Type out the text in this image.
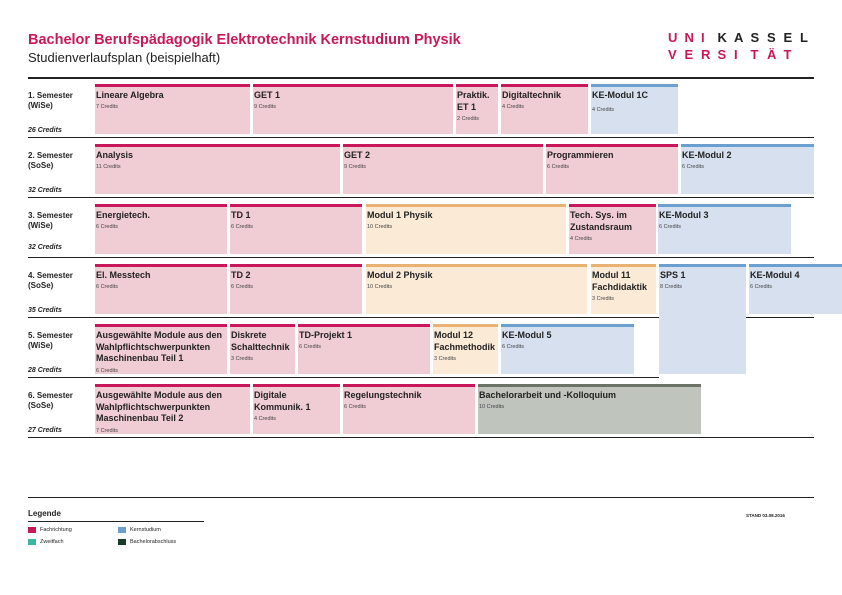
Bachelor Berufspädagogik Elektrotechnik Kernstudium Physik
Studienverlaufsplan (beispielhaft)
U N I K A S S E L
V E R S I T Ä T
1. Semester
(WiSe)
26 Credits
Lineare Algebra
7 Credits
GET 1
9 Credits
Praktik. ET 1
2 Credits
Digitaltechnik
4 Credits
KE-Modul 1C
4 Credits
2. Semester
(SoSe)
32 Credits
Analysis
11 Credits
GET 2
9 Credits
Programmieren
6 Credits
KE-Modul 2
6 Credits
3. Semester
(WiSe)
32 Credits
Energietech.
6 Credits
TD 1
6 Credits
Modul 1 Physik
10 Credits
Tech. Sys. im Zustandsraum
4 Credits
KE-Modul 3
6 Credits
4. Semester
(SoSe)
35 Credits
El. Messtech
6 Credits
TD 2
6 Credits
Modul 2 Physik
10 Credits
Modul 11 Fachdidaktik
3 Credits
SPS 1
8 Credits
KE-Modul 4
6 Credits
5. Semester
(WiSe)
28 Credits
Ausgewählte Module aus den Wahlpflichtschwerpunkten Maschinenbau Teil 1
6 Credits
Diskrete Schalttechnik
3 Credits
TD-Projekt 1
6 Credits
Modul 12 Fachmethodik
3 Credits
KE-Modul 5
6 Credits
6. Semester
(SoSe)
27 Credits
Ausgewählte Module aus den Wahlpflichtschwerpunkten Maschinenbau Teil 2
7 Credits
Digitale Kommunik. 1
4 Credits
Regelungstechnik
6 Credits
Bachelorarbeit und -Kolloquium
10 Credits
Legende
Fachrichtung
Zweitfach
Kernstudium
Bachelorabschluss
STAND 03.08.2016
